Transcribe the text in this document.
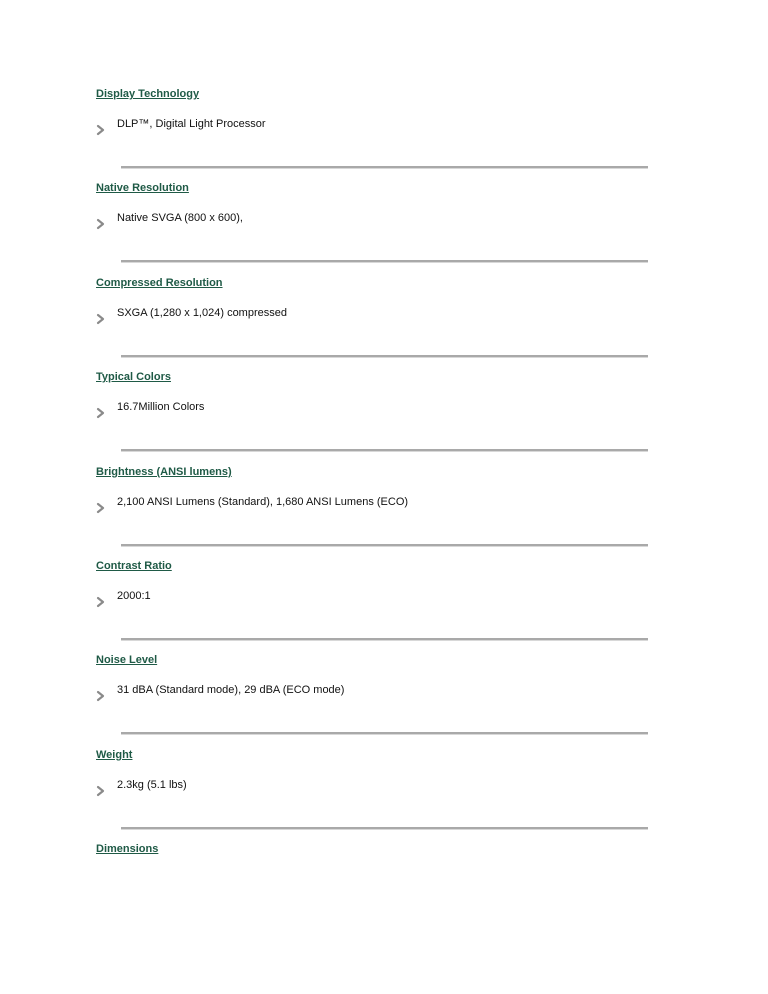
Display Technology
DLP™, Digital Light Processor
Native Resolution
Native SVGA (800 x 600),
Compressed Resolution
SXGA (1,280 x 1,024) compressed
Typical Colors
16.7Million Colors
Brightness (ANSI lumens)
2,100 ANSI Lumens (Standard), 1,680 ANSI Lumens (ECO)
Contrast Ratio
2000:1
Noise Level
31 dBA (Standard mode), 29 dBA (ECO mode)
Weight
2.3kg (5.1 lbs)
Dimensions
